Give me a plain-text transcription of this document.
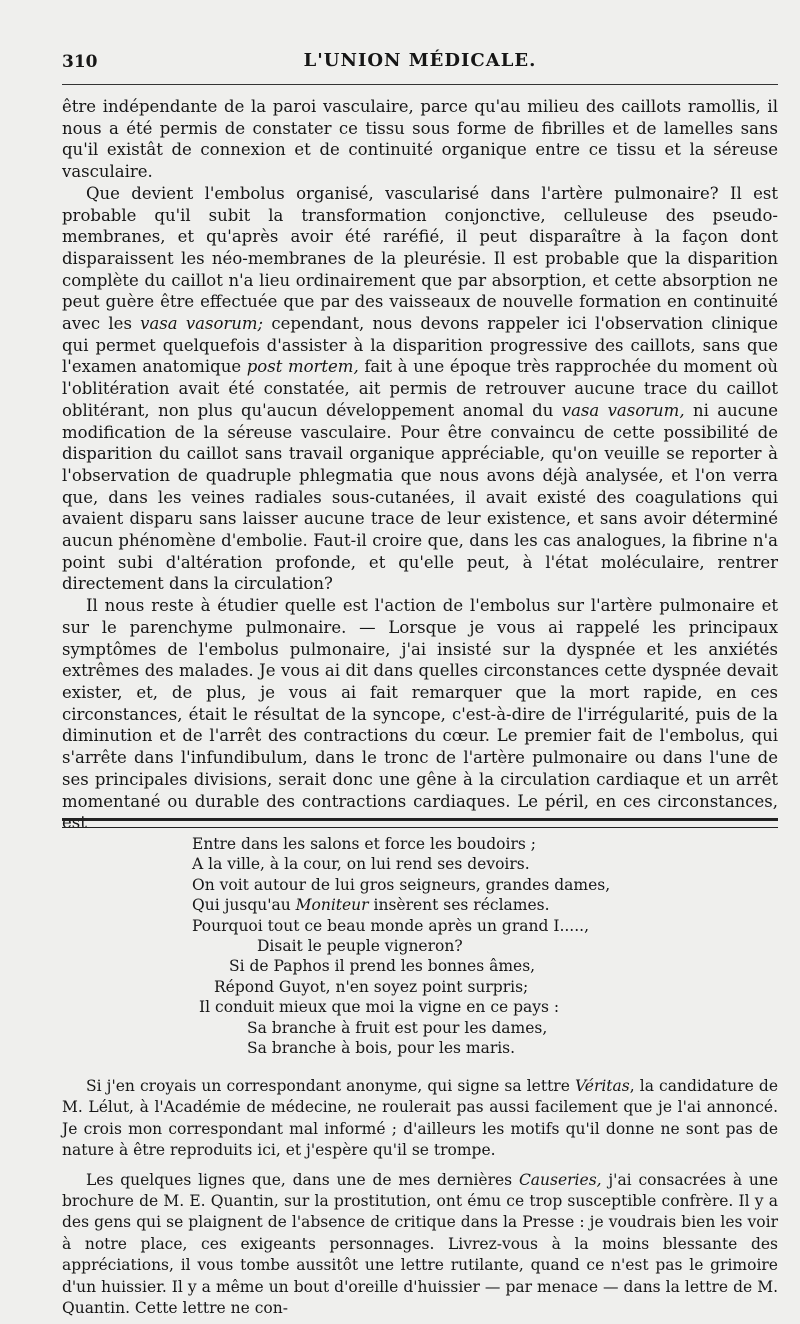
310	L'UNION MÉDICALE.

être indépendante de la paroi vasculaire, parce qu'au milieu des caillots ramollis, il nous a été permis de constater ce tissu sous forme de fibrilles et de lamelles sans qu'il existât de connexion et de continuité organique entre ce tissu et la séreuse vasculaire.

Que devient l'embolus organisé, vascularisé dans l'artère pulmonaire? Il est probable qu'il subit la transformation conjonctive, celluleuse des pseudo-membranes, et qu'après avoir été raréfié, il peut disparaître à la façon dont disparaissent les néo-membranes de la pleurésie. Il est probable que la disparition complète du caillot n'a lieu ordinairement que par absorption, et cette absorption ne peut guère être effectuée que par des vaisseaux de nouvelle formation en continuité avec les vasa vasorum; cependant, nous devons rappeler ici l'observation clinique qui permet quelquefois d'assister à la disparition progressive des caillots, sans que l'examen anatomique post mortem, fait à une époque très rapprochée du moment où l'oblitération avait été constatée, ait permis de retrouver aucune trace du caillot oblitérant, non plus qu'aucun développement anomal du vasa vasorum, ni aucune modification de la séreuse vasculaire. Pour être convaincu de cette possibilité de disparition du caillot sans travail organique appréciable, qu'on veuille se reporter à l'observation de quadruple phlegmatia que nous avons déjà analysée, et l'on verra que, dans les veines radiales sous-cutanées, il avait existé des coagulations qui avaient disparu sans laisser aucune trace de leur existence, et sans avoir déterminé aucun phénomène d'embolie. Faut-il croire que, dans les cas analogues, la fibrine n'a point subi d'altération profonde, et qu'elle peut, à l'état moléculaire, rentrer directement dans la circulation?

Il nous reste à étudier quelle est l'action de l'embolus sur l'artère pulmonaire et sur le parenchyme pulmonaire. — Lorsque je vous ai rappelé les principaux symptômes de l'embolus pulmonaire, j'ai insisté sur la dyspnée et les anxiétés extrêmes des malades. Je vous ai dit dans quelles circonstances cette dyspnée devait exister, et, de plus, je vous ai fait remarquer que la mort rapide, en ces circonstances, était le résultat de la syncope, c'est-à-dire de l'irrégularité, puis de la diminution et de l'arrêt des contractions du cœur. Le premier fait de l'embolus, qui s'arrête dans l'infundibulum, dans le tronc de l'artère pulmonaire ou dans l'une de ses principales divisions, serait donc une gêne à la circulation cardiaque et un arrêt momentané ou durable des contractions cardiaques. Le péril, en ces circonstances, est

Entre dans les salons et force les boudoirs ;
A la ville, à la cour, on lui rend ses devoirs.
On voit autour de lui gros seigneurs, grandes dames,
Qui jusqu'au Moniteur insèrent ses réclames.
Pourquoi tout ce beau monde après un grand I.....,
Disait le peuple vigneron?
Si de Paphos il prend les bonnes âmes,
Répond Guyot, n'en soyez point surpris;
Il conduit mieux que moi la vigne en ce pays :
Sa branche à fruit est pour les dames,
Sa branche à bois, pour les maris.

Si j'en croyais un correspondant anonyme, qui signe sa lettre Véritas, la candidature de M. Lélut, à l'Académie de médecine, ne roulerait pas aussi facilement que je l'ai annoncé. Je crois mon correspondant mal informé ; d'ailleurs les motifs qu'il donne ne sont pas de nature à être reproduits ici, et j'espère qu'il se trompe.

Les quelques lignes que, dans une de mes dernières Causeries, j'ai consacrées à une brochure de M. E. Quantin, sur la prostitution, ont ému ce trop susceptible confrère. Il y a des gens qui se plaignent de l'absence de critique dans la Presse : je voudrais bien les voir à notre place, ces exigeants personnages. Livrez-vous à la moins blessante des appréciations, il vous tombe aussitôt une lettre rutilante, quand ce n'est pas le grimoire d'un huissier. Il y a même un bout d'oreille d'huissier — par menace — dans la lettre de M. Quantin. Cette lettre ne con-
